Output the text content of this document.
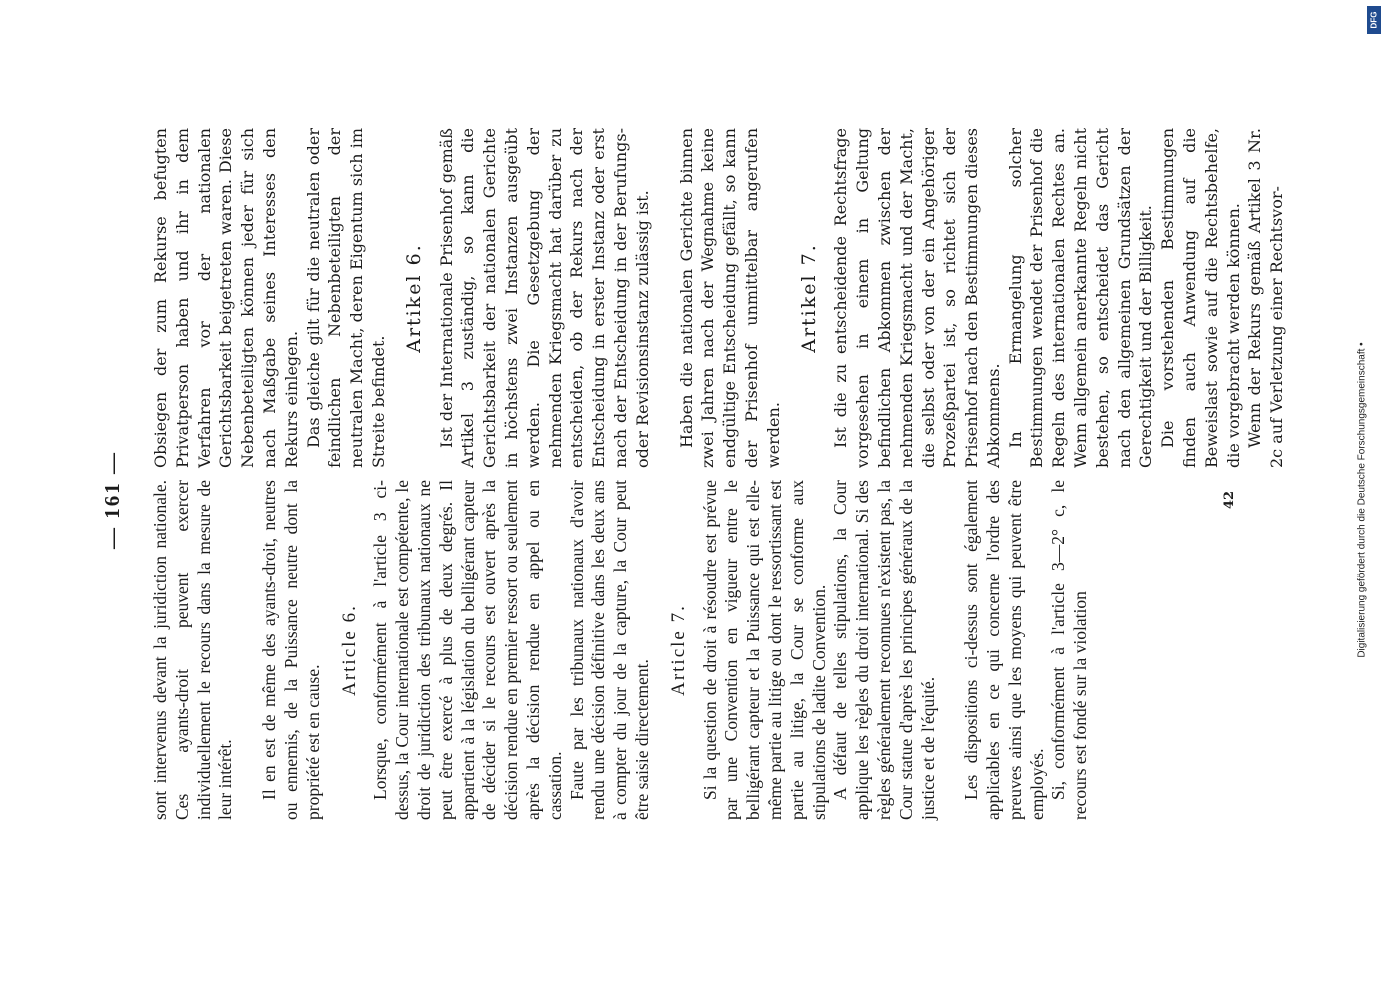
— 161 —	sont intervenus devant la juridiction nationale. Ces ayants-droit peuvent exercer individuellement le recours dans la mesure de leur intérêt. Il en est de même des ayants-droit, neutres ou ennemis, de la Puissance neutre dont la propriété est en cause.

Article 6. Lorsque, conformément à l'article 3 ci-dessus, la Cour internationale est compétente, le droit de juridiction des tribunaux nationaux ne peut être exercé à plus de deux degrés. Il appartient à la législation du belligérant capteur de décider si le recours est ouvert après la décision rendue en premier ressort ou seulement après la décision rendue en appel ou en cassation. Faute par les tribunaux nationaux d'avoir rendu une décision définitive dans les deux ans à compter du jour de la capture, la Cour peut être saisie directement.

Article 7. Si la question de droit à résoudre est prévue par une Convention en vigueur entre le belligérant capteur et la Puissance qui est elle-même partie au litige ou dont le ressortissant est partie au litige, la Cour se conforme aux stipulations de ladite Convention. A défaut de telles stipulations, la Cour applique les règles du droit international. Si des règles généralement reconnues n'existent pas, la Cour statue d'après les principes généraux de la justice et de l'équité. Les dispositions ci-dessus sont également applicables en ce qui concerne l'ordre des preuves ainsi que les moyens qui peuvent être employés. Si, conformément à l'article 3—2° c, le recours est fondé sur la violation

Obsiegen der zum Rekurse befugten Privatperson haben und ihr in dem Verfahren vor der nationalen Gerichtsbarkeit beigetreten waren. Diese Nebenbeteiligten können jeder für sich nach Maßgabe seines Interesses den Rekurs einlegen. Das gleiche gilt für die neutralen oder feindlichen Nebenbeteiligten der neutralen Macht, deren Eigentum sich im Streite befindet.

Artikel 6. Ist der Internationale Prisenhof gemäß Artikel 3 zuständig, so kann die Gerichtsbarkeit der nationalen Gerichte in höchstens zwei Instanzen ausgeübt werden. Die Gesetzgebung der nehmenden Kriegsmacht hat darüber zu entscheiden, ob der Rekurs nach der Entscheidung in erster Instanz oder erst nach der Entscheidung in der Berufungs- oder Revisionsinstanz zulässig ist. Haben die nationalen Gerichte binnen zwei Jahren nach der Wegnahme keine endgültige Entscheidung gefällt, so kann der Prisenhof unmittelbar angerufen werden.

Artikel 7. Ist die zu entscheidende Rechtsfrage vorgesehen in einem in Geltung befindlichen Abkommen zwischen der nehmenden Kriegsmacht und der Macht, die selbst oder von der ein Angehöriger Prozeßpartei ist, so richtet sich der Prisenhof nach den Bestimmungen dieses Abkommens. In Ermangelung solcher Bestimmungen wendet der Prisenhof die Regeln des internationalen Rechtes an. Wenn allgemein anerkannte Regeln nicht bestehen, so entscheidet das Gericht nach den allgemeinen Grundsätzen der Gerechtigkeit und der Billigkeit. Die vorstehenden Bestimmungen finden auch Anwendung auf die Beweislast sowie auf die Rechtsbehelfe, die vorgebracht werden können. Wenn der Rekurs gemäß Artikel 3 Nr. 2c auf Verletzung einer Rechtsvor-

42
DFG
Digitalisierung gefördert durch die Deutsche Forschungsgemeinschaft •
